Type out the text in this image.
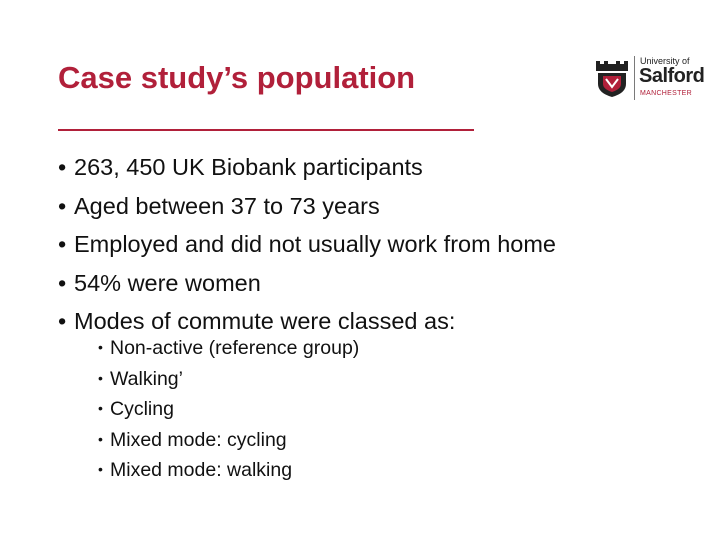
Case study’s population	University of
Salford
MANCHESTER
• 263, 450 UK Biobank participants
• Aged between 37 to 73 years
• Employed and did not usually work from home
• 54% were women
• Modes of commute were classed as:
• Non-active (reference group)
• Walking’
• Cycling
• Mixed mode: cycling
• Mixed mode: walking
